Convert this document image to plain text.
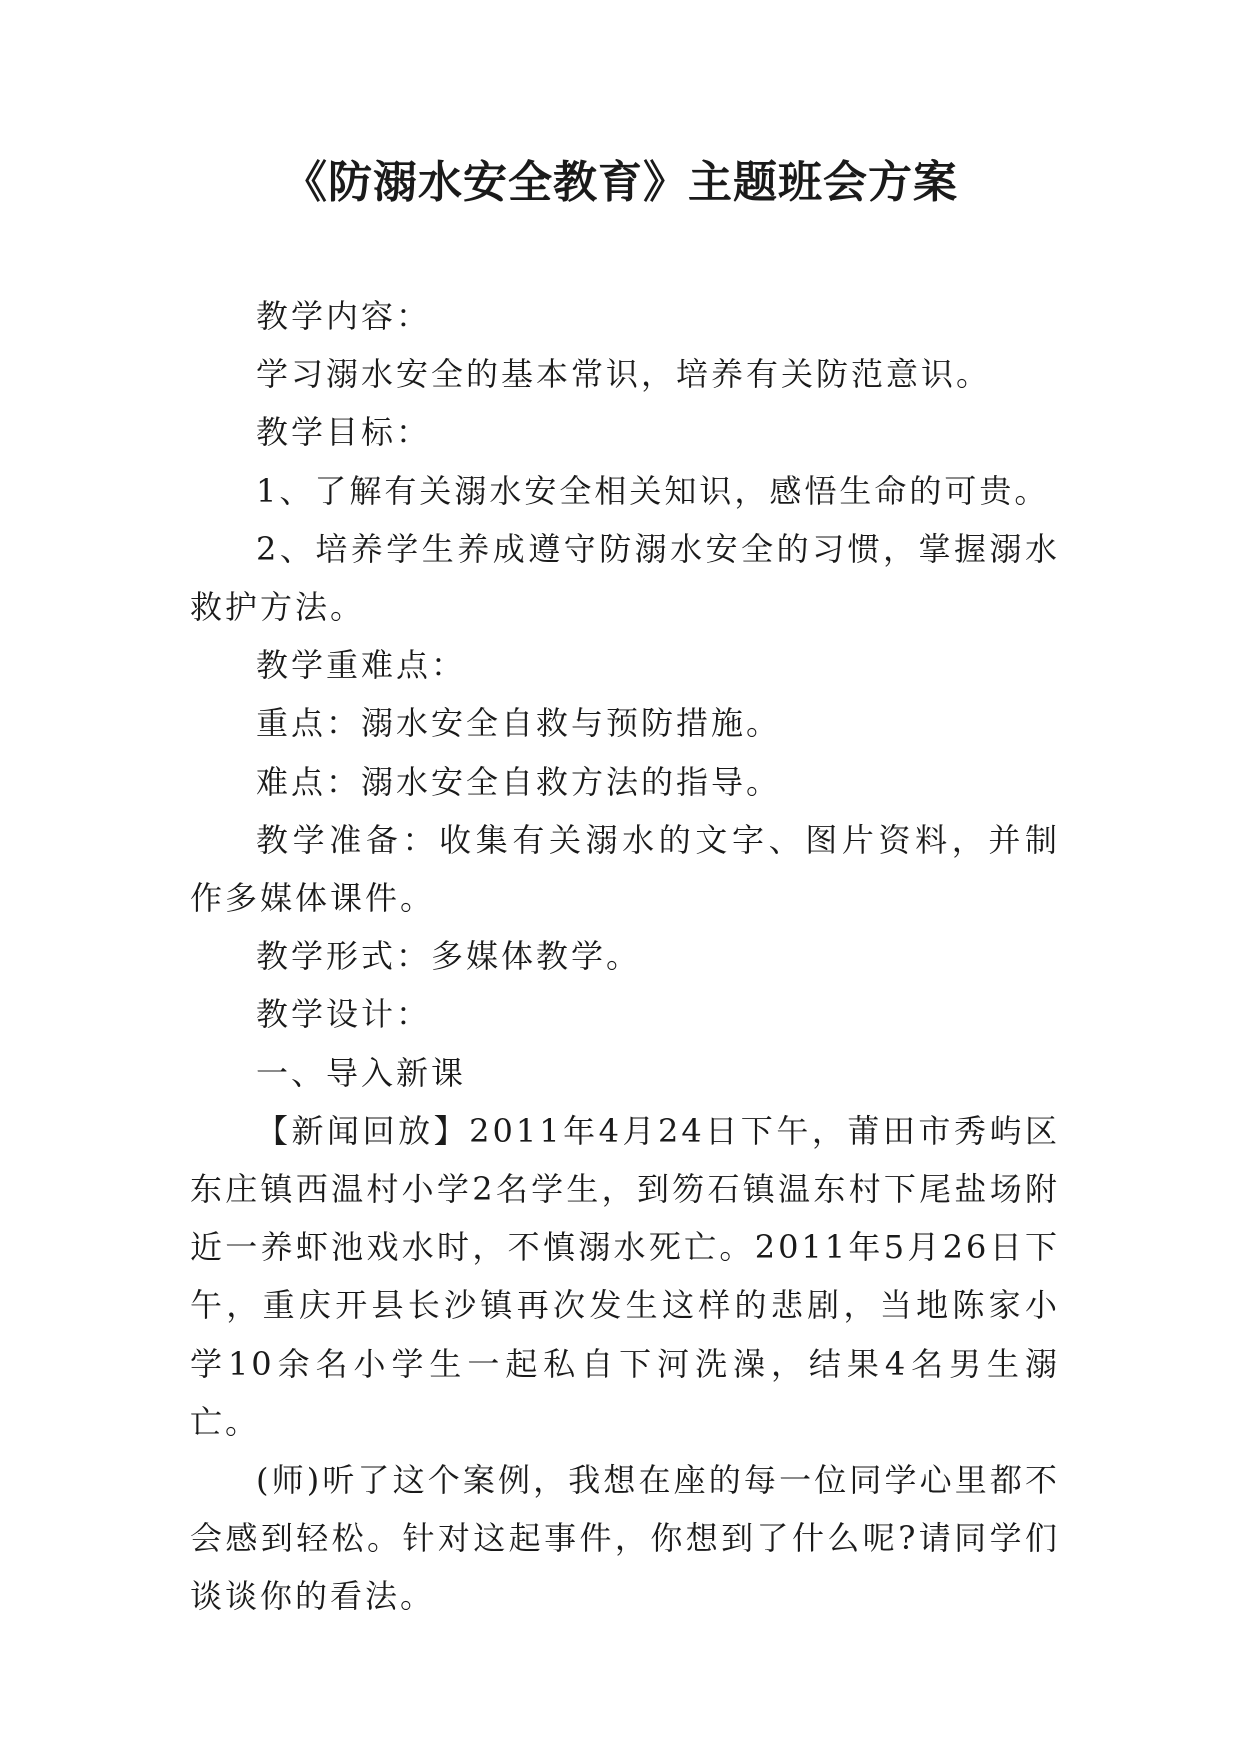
《防溺水安全教育》主题班会方案

教学内容：

学习溺水安全的基本常识，培养有关防范意识。

教学目标：

1、了解有关溺水安全相关知识，感悟生命的可贵。

2、培养学生养成遵守防溺水安全的习惯，掌握溺水救护方法。

教学重难点：

重点：溺水安全自救与预防措施。

难点：溺水安全自救方法的指导。

教学准备：收集有关溺水的文字、图片资料，并制作多媒体课件。

教学形式：多媒体教学。

教学设计：

一、导入新课

【新闻回放】2011年4月24日下午，莆田市秀屿区东庄镇西温村小学2名学生，到笏石镇温东村下尾盐场附近一养虾池戏水时，不慎溺水死亡。2011年5月26日下午，重庆开县长沙镇再次发生这样的悲剧，当地陈家小学10余名小学生一起私自下河洗澡，结果4名男生溺亡。

(师)听了这个案例，我想在座的每一位同学心里都不会感到轻松。针对这起事件，你想到了什么呢?请同学们谈谈你的看法。
